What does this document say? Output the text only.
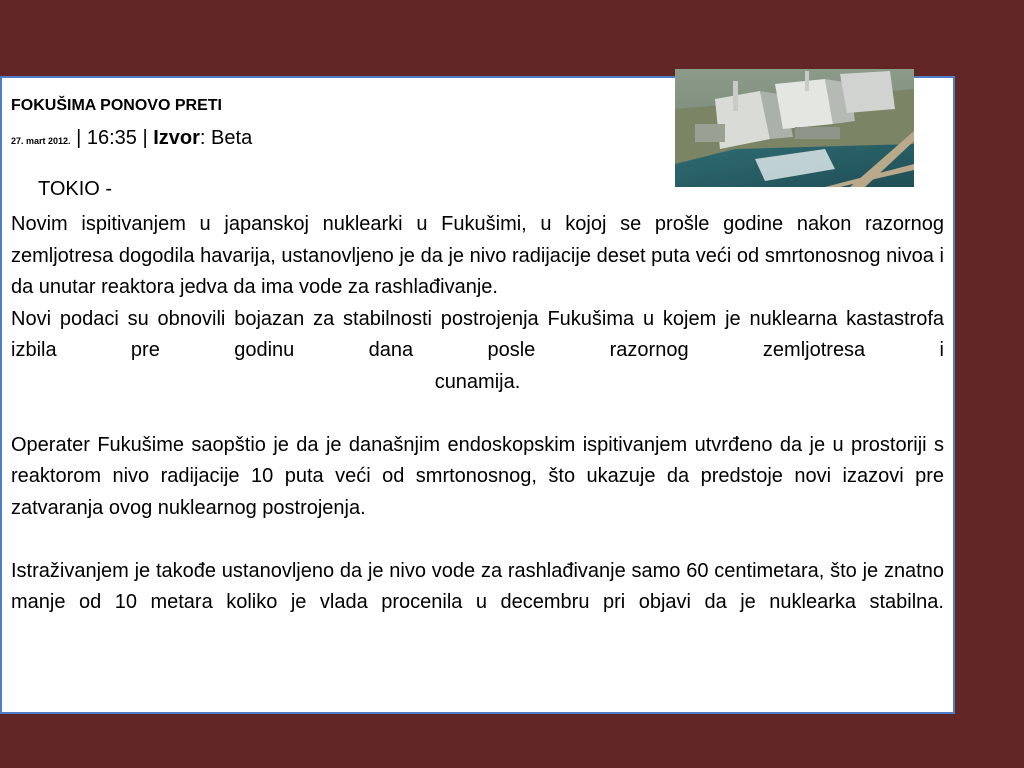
FOKUŠIMA PONOVO PRETI
27. mart 2012. | 16:35 | Izvor: Beta
TOKIO -

Novim ispitivanjem u japanskoj nuklearki u Fukušimi, u kojoj se prošle godine nakon razornog zemljotresa dogodila havarija, ustanovljeno je da je nivo radijacije deset puta veći od smrtonosnog nivoa i da unutar reaktora jedva da ima vode za rashlađivanje.

Novi podaci su obnovili bojazan za stabilnosti postrojenja Fukušima u kojem je nuklearna kastastrofa izbila pre godinu dana posle razornog zemljotresa i

cunamija.

Operater Fukušime saopštio je da je današnjim endoskopskim ispitivanjem utvrđeno da je u prostoriji s reaktorom nivo radijacije 10 puta veći od smrtonosnog, što ukazuje da predstoje novi izazovi pre zatvaranja ovog nuklearnog postrojenja.

Istraživanjem je takođe ustanovljeno da je nivo vode za rashlađivanje samo 60 centimetara, što je znatno manje od 10 metara koliko je vlada procenila u decembru pri objavi da je nuklearka stabilna.
